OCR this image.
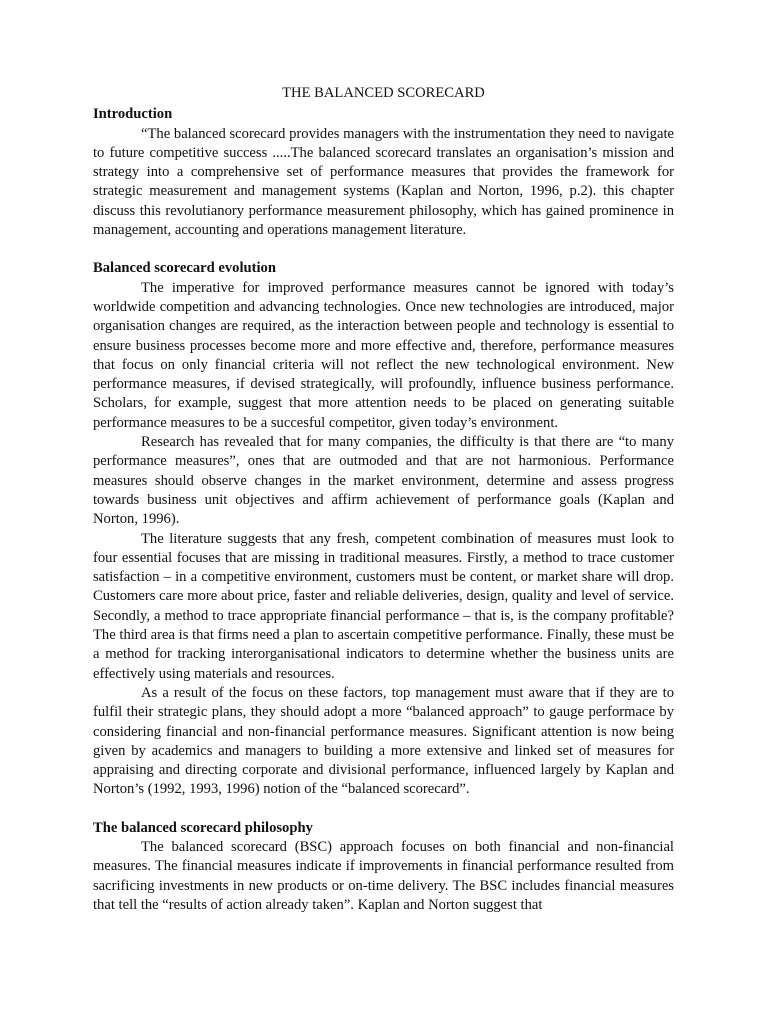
THE BALANCED SCORECARD
Introduction

“The balanced scorecard provides managers with the instrumentation they need to navigate to future competitive success .....The balanced scorecard translates an organisation’s mission and strategy into a comprehensive set of performance measures that provides the framework for strategic measurement and management systems (Kaplan and Norton, 1996, p.2). this chapter discuss this revolutianory performance measurement philosophy, which has gained prominence in management, accounting and operations management literature.

Balanced scorecard evolution

The imperative for improved performance measures cannot be ignored with today’s worldwide competition and advancing technologies. Once new technologies are introduced, major organisation changes are required, as the interaction between people and technology is essential to ensure business processes become more and more effective and, therefore, performance measures that focus on only financial criteria will not reflect the new technological environment. New performance measures, if devised strategically, will profoundly, influence business performance. Scholars, for example, suggest that more attention needs to be placed on generating suitable performance measures to be a succesful competitor, given today’s environment.

Research has revealed that for many companies, the difficulty is that there are “to many performance measures”, ones that are outmoded and that are not harmonious. Performance measures should observe changes in the market environment, determine and assess progress towards business unit objectives and affirm achievement of performance goals (Kaplan and Norton, 1996).

The literature suggests that any fresh, competent combination of measures must look to four essential focuses that are missing in traditional measures. Firstly, a method to trace customer satisfaction – in a competitive environment, customers must be content, or market share will drop. Customers care more about price, faster and reliable deliveries, design, quality and level of service. Secondly, a method to trace appropriate financial performance – that is, is the company profitable? The third area is that firms need a plan to ascertain competitive performance. Finally, these must be a method for tracking interorganisational indicators to determine whether the business units are effectively using materials and resources.

As a result of the focus on these factors, top management must aware that if they are to fulfil their strategic plans, they should adopt a more “balanced approach” to gauge performace by considering financial and non-financial performance measures. Significant attention is now being given by academics and managers to building a more extensive and linked set of measures for appraising and directing corporate and divisional performance, influenced largely by Kaplan and Norton’s (1992, 1993, 1996) notion of the “balanced scorecard”.

The balanced scorecard philosophy

The balanced scorecard (BSC) approach focuses on both financial and non-financial measures. The financial measures indicate if improvements in financial performance resulted from sacrificing investments in new products or on-time delivery. The BSC includes financial measures that tell the “results of action already taken”. Kaplan and Norton suggest that
